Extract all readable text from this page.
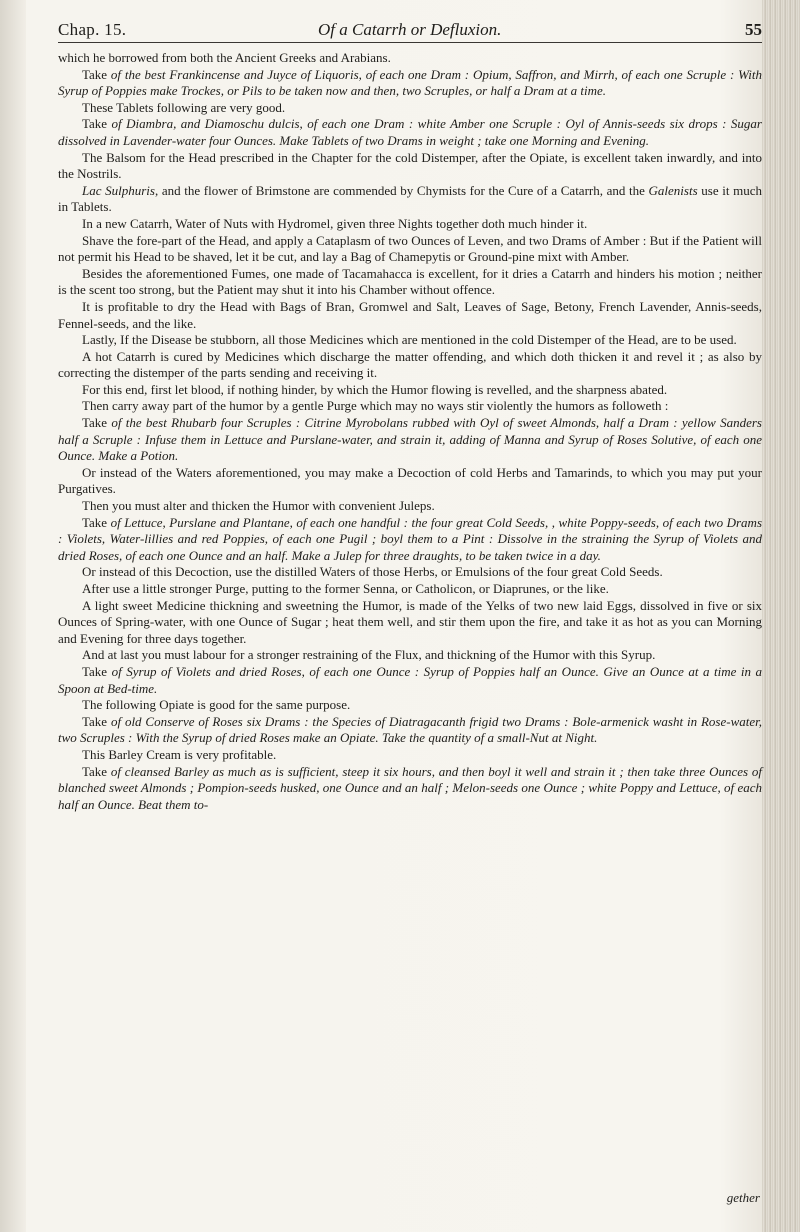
Chap. 15.	Of a Catarrh or Defluxion.	55

which he borrowed from both the Ancient Greeks and Arabians.

Take of the best Frankincense and Juyce of Liquoris, of each one Dram : Opium, Saffron, and Mirrh, of each one Scruple : With Syrup of Poppies make Trockes, or Pils to be taken now and then, two Scruples, or half a Dram at a time.

These Tablets following are very good.

Take of Diambra, and Diamoschu dulcis, of each one Dram : white Amber one Scruple : Oyl of Annis-seeds six drops : Sugar dissolved in Lavender-water four Ounces. Make Tablets of two Drams in weight ; take one Morning and Evening.

The Balsom for the Head prescribed in the Chapter for the cold Distemper, after the Opiate, is excellent taken inwardly, and into the Nostrils.

Lac Sulphuris, and the flower of Brimstone are commended by Chymists for the Cure of a Catarrh, and the Galenists use it much in Tablets.

In a new Catarrh, Water of Nuts with Hydromel, given three Nights together doth much hinder it.

Shave the fore-part of the Head, and apply a Cataplasm of two Ounces of Leven, and two Drams of Amber : But if the Patient will not permit his Head to be shaved, let it be cut, and lay a Bag of Chamepytis or Ground-pine mixt with Amber.

Besides the aforementioned Fumes, one made of Tacamahacca is excellent, for it dries a Catarrh and hinders his motion ; neither is the scent too strong, but the Patient may shut it into his Chamber without offence.

It is profitable to dry the Head with Bags of Bran, Gromwel and Salt, Leaves of Sage, Betony, French Lavender, Annis-seeds, Fennel-seeds, and the like.

Lastly, If the Disease be stubborn, all those Medicines which are mentioned in the cold Distemper of the Head, are to be used.

A hot Catarrh is cured by Medicines which discharge the matter offending, and which doth thicken it and revel it ; as also by correcting the distemper of the parts sending and receiving it.

For this end, first let blood, if nothing hinder, by which the Humor flowing is revelled, and the sharpness abated.

Then carry away part of the humor by a gentle Purge which may no ways stir violently the humors as followeth :

Take of the best Rhubarb four Scruples : Citrine Myrobolans rubbed with Oyl of sweet Almonds, half a Dram : yellow Sanders half a Scruple : Infuse them in Lettuce and Purslane-water, and strain it, adding of Manna and Syrup of Roses Solutive, of each one Ounce. Make a Potion.

Or instead of the Waters aforementioned, you may make a Decoction of cold Herbs and Tamarinds, to which you may put your Purgatives.

Then you must alter and thicken the Humor with convenient Juleps.

Take of Lettuce, Purslane and Plantane, of each one handful : the four great Cold Seeds, , white Poppy-seeds, of each two Drams : Violets, Water-lillies and red Poppies, of each one Pugil ; boyl them to a Pint : Dissolve in the straining the Syrup of Violets and dried Roses, of each one Ounce and an half. Make a Julep for three draughts, to be taken twice in a day.

Or instead of this Decoction, use the distilled Waters of those Herbs, or Emulsions of the four great Cold Seeds.

After use a little stronger Purge, putting to the former Senna, or Catholicon, or Diaprunes, or the like.

A light sweet Medicine thickning and sweetning the Humor, is made of the Yelks of two new laid Eggs, dissolved in five or six Ounces of Spring-water, with one Ounce of Sugar ; heat them well, and stir them upon the fire, and take it as hot as you can Morning and Evening for three days together.

And at last you must labour for a stronger restraining of the Flux, and thickning of the Humor with this Syrup.

Take of Syrup of Violets and dried Roses, of each one Ounce : Syrup of Poppies half an Ounce. Give an Ounce at a time in a Spoon at Bed-time.

The following Opiate is good for the same purpose.

Take of old Conserve of Roses six Drams : the Species of Diatragacanth frigid two Drams : Bole-armenick washt in Rose-water, two Scruples : With the Syrup of dried Roses make an Opiate. Take the quantity of a small-Nut at Night.

This Barley Cream is very profitable.

Take of cleansed Barley as much as is sufficient, steep it six hours, and then boyl it well and strain it ; then take three Ounces of blanched sweet Almonds ; Pompion-seeds husked, one Ounce and an half ; Melon-seeds one Ounce ; white Poppy and Lettuce, of each half an Ounce. Beat them to-

gether
